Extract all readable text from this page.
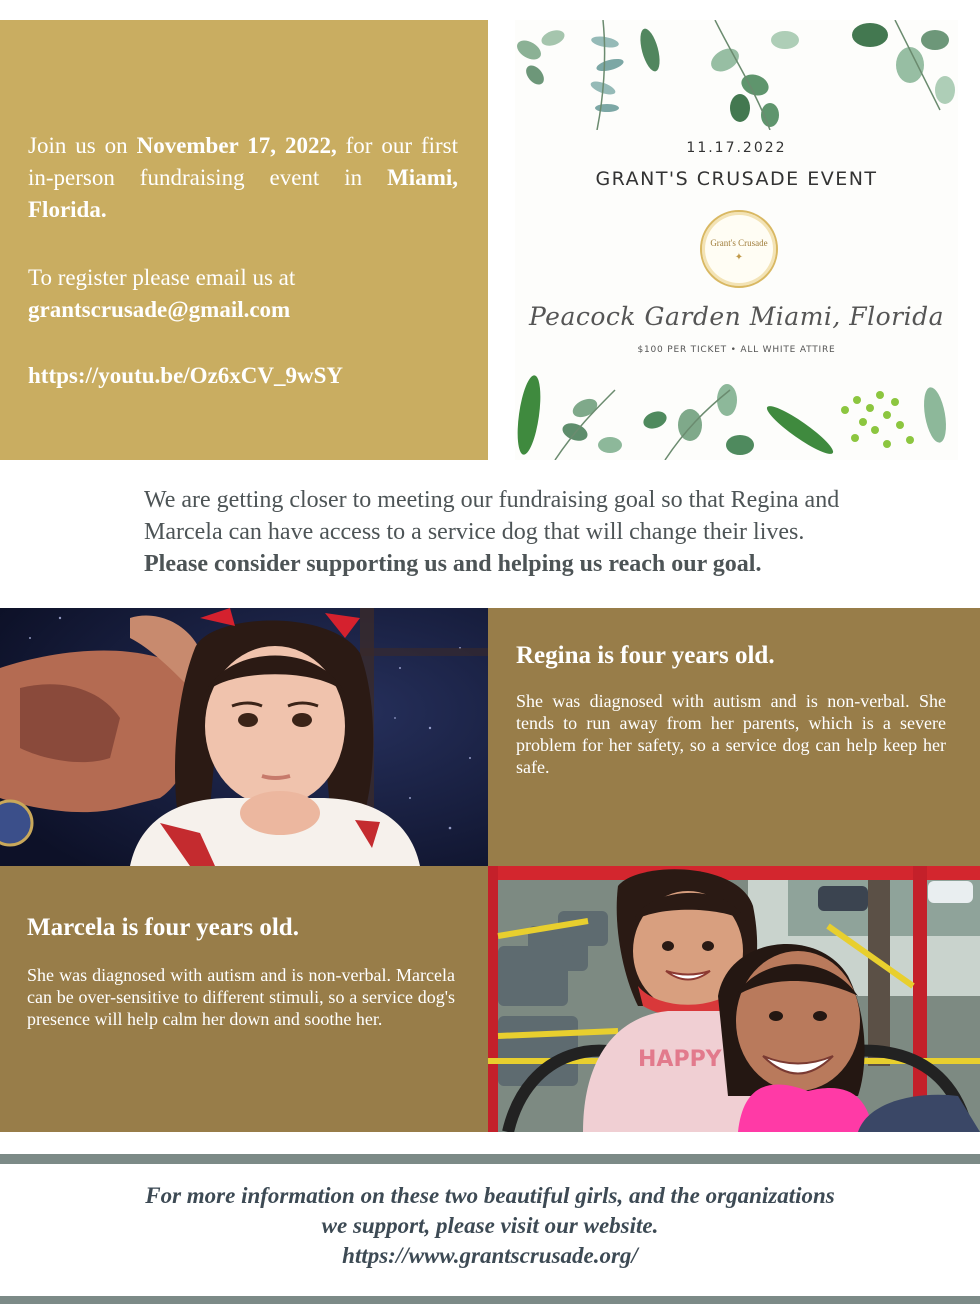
Join us on November 17, 2022, for our first in-person fundraising event in Miami, Florida.
To register please email us at
grantscrusade@gmail.com
https://youtu.be/Oz6xCV_9wSY
11.17.2022
GRANT'S CRUSADE EVENT
Grant's Crusade
✦
Peacock Garden Miami, Florida
$100 PER TICKET • ALL WHITE ATTIRE
We are getting closer to meeting our fundraising goal so that Regina and Marcela can have access to a service dog that will change their lives.
Please consider supporting us and helping us reach our goal.
Regina is four years old.
She was diagnosed with autism and is non-verbal. She tends to run away from her parents, which is a severe problem for her safety, so a service dog can help keep her safe.
Marcela is four years old.
She was diagnosed with autism and is non-verbal. Marcela can be over-sensitive to different stimuli, so a service dog's presence will help calm her down and soothe her.
HAPPY
For more information on these two beautiful girls, and the organizations
we support, please visit our website.
https://www.grantscrusade.org/
